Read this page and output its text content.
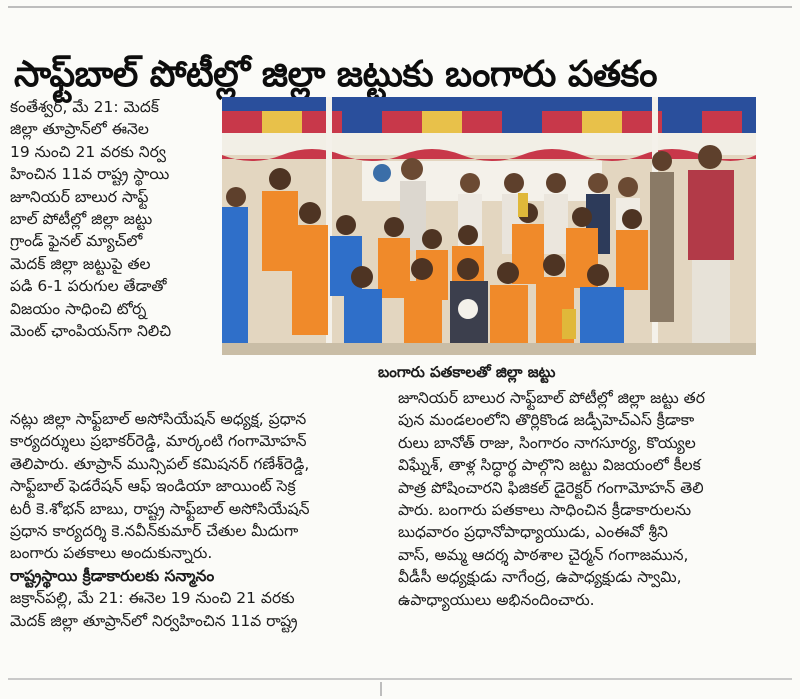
సాఫ్ట్‌బాల్ పోటీల్లో జిల్లా జట్టుకు బంగారు పతకం

కంతేశ్వర్, మే 21: మెదక్

జిల్లా తూప్రాన్‌లో ఈనెల

19 నుంచి 21 వరకు నిర్వ

హించిన 11వ రాష్ట్ర స్థాయి

జూనియర్ బాలుర సాఫ్ట్

బాల్ పోటీల్లో జిల్లా జట్టు

గ్రాండ్ ఫైనల్ మ్యాచ్‌లో

మెదక్ జిల్లా జట్టుపై తల

పడి 6-1 పరుగుల తేడాతో

విజయం సాధించి టోర్న

మెంట్ ఛాంపియన్‌గా నిలిచి

బంగారు పతకాలతో జిల్లా జట్టు

నట్లు జిల్లా సాఫ్ట్‌బాల్ అసోసియేషన్ అధ్యక్ష, ప్రధాన

కార్యదర్శులు ప్రభాకర్‌రెడ్డి, మార్కంటి గంగామోహన్

తెలిపారు. తూప్రాన్ మున్సిపల్ కమిషనర్ గణేశ్‌రెడ్డి,

సాఫ్ట్‌బాల్ ఫెడరేషన్ ఆఫ్ ఇండియా జాయింట్ సెక్ర

టరీ కె.శోభన్ బాబు, రాష్ట్ర సాఫ్ట్‌బాల్ అసోసియేషన్

ప్రధాన కార్యదర్శి కె.నవీన్‌కుమార్ చేతుల మీదుగా

బంగారు పతకాలు అందుకున్నారు.

రాష్ట్రస్థాయి క్రీడాకారులకు సన్మానం

జక్రాన్‌పల్లి, మే 21: ఈనెల 19 నుంచి 21 వరకు

మెదక్ జిల్లా తూప్రాన్‌లో నిర్వహించిన 11వ రాష్ట్ర

జూనియర్ బాలుర సాఫ్ట్‌బాల్ పోటీల్లో జిల్లా జట్టు తర

పున మండలంలోని తొర్లికొండ జడ్పీహెచ్ఎస్ క్రీడాకా

రులు బానోత్ రాజు, సింగారం నాగసూర్య, కొయ్యల

విఘ్నేశ్, తాళ్ల సిద్ధార్థ పాల్గొని జట్టు విజయంలో కీలక

పాత్ర పోషించారని ఫిజికల్ డైరెక్టర్ గంగామోహన్ తెలి

పారు. బంగారు పతకాలు సాధించిన క్రీడాకారులను

బుధవారం ప్రధానోపాధ్యాయుడు, ఎంఈవో శ్రీని

వాస్, అమ్మ ఆదర్శ పాఠశాల చైర్మన్ గంగాజమున,

వీడీసీ అధ్యక్షుడు నాగేంద్ర, ఉపాధ్యక్షుడు స్వామి,

ఉపాధ్యాయులు అభినందించారు.
